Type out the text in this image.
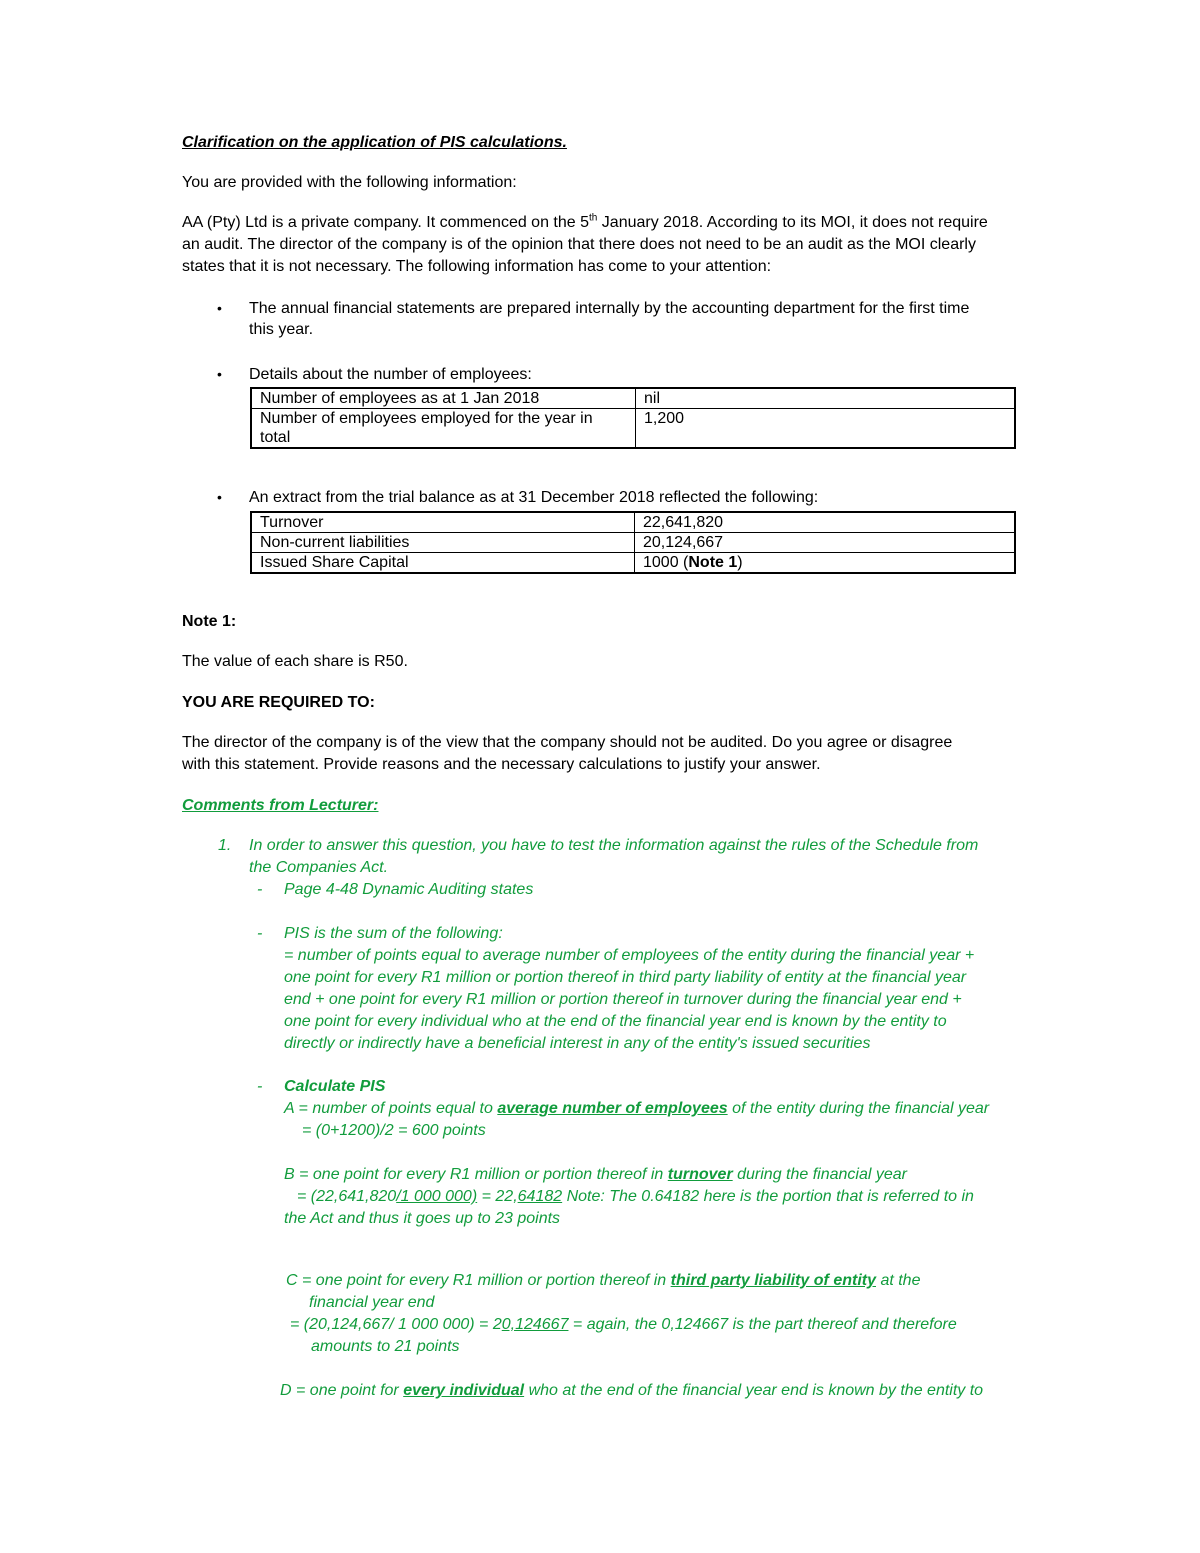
Clarification on the application of PIS calculations.
You are provided with the following information:
AA (Pty) Ltd is a private company. It commenced on the 5th January 2018. According to its MOI, it does not require
an audit. The director of the company is of the opinion that there does not need to be an audit as the MOI clearly
states that it is not necessary. The following information has come to your attention:
• The annual financial statements are prepared internally by the accounting department for the first time
this year.
• Details about the number of employees:
Number of employees as at 1 Jan 2018	nil
Number of employees employed for the year in
total	1,200
• An extract from the trial balance as at 31 December 2018 reflected the following:
Turnover	22,641,820
Non-current liabilities	20,124,667
Issued Share Capital	1000 (Note 1)
Note 1:
The value of each share is R50.
YOU ARE REQUIRED TO:
The director of the company is of the view that the company should not be audited. Do you agree or disagree
with this statement. Provide reasons and the necessary calculations to justify your answer.
Comments from Lecturer:
1. In order to answer this question, you have to test the information against the rules of the Schedule from
the Companies Act.
- Page 4-48 Dynamic Auditing states
- PIS is the sum of the following:
= number of points equal to average number of employees of the entity during the financial year +
one point for every R1 million or portion thereof in third party liability of entity at the financial year
end + one point for every R1 million or portion thereof in turnover during the financial year end +
one point for every individual who at the end of the financial year end is known by the entity to
directly or indirectly have a beneficial interest in any of the entity's issued securities
- Calculate PIS
A = number of points equal to average number of employees of the entity during the financial year
= (0+1200)/2 = 600 points
B = one point for every R1 million or portion thereof in turnover during the financial year
= (22,641,820/1 000 000) = 22,64182 Note: The 0.64182 here is the portion that is referred to in
the Act and thus it goes up to 23 points
C = one point for every R1 million or portion thereof in third party liability of entity at the
financial year end
= (20,124,667/ 1 000 000) = 20,124667 = again, the 0,124667 is the part thereof and therefore
amounts to 21 points
D = one point for every individual who at the end of the financial year end is known by the entity to
